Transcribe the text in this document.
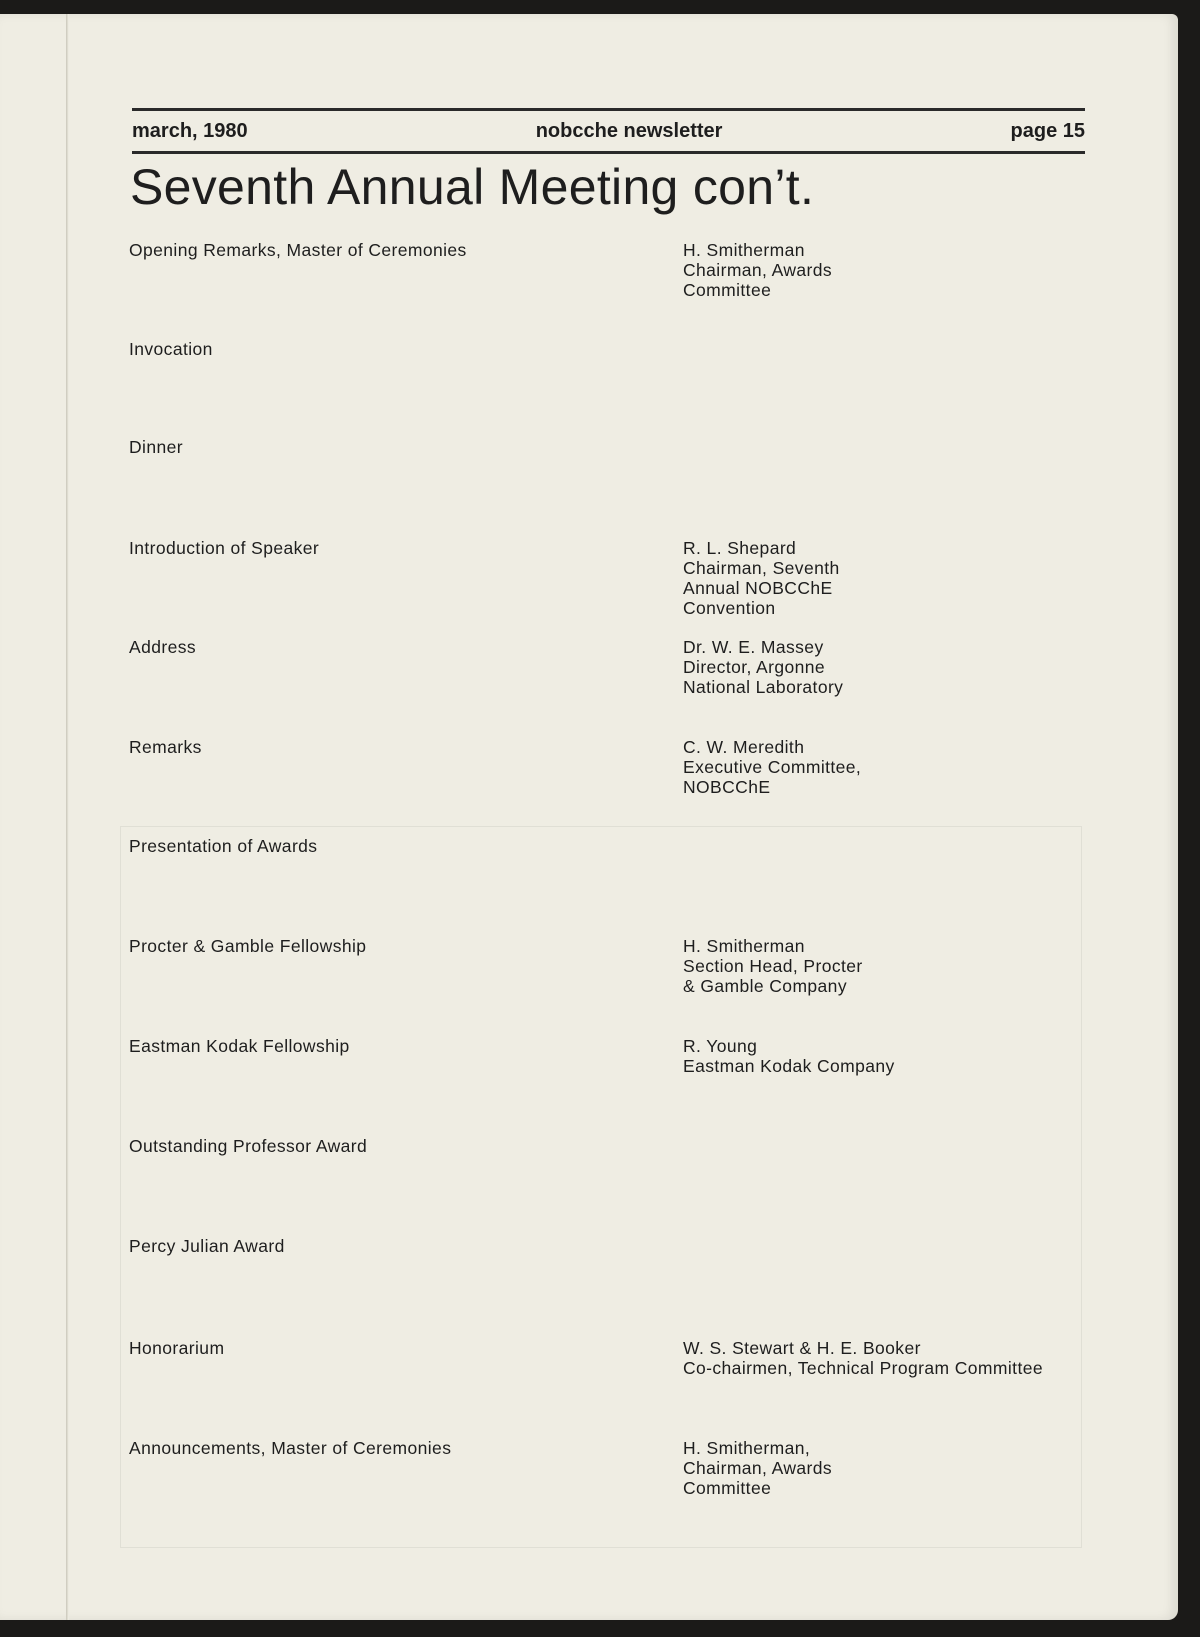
march, 1980	nobcche newsletter	page 15
Seventh Annual Meeting con’t.
Opening Remarks, Master of Ceremonies	H. Smitherman
Chairman, Awards
Committee
Invocation
Dinner
Introduction of Speaker	R. L. Shepard
Chairman, Seventh
Annual NOBCChE
Convention
Address	Dr. W. E. Massey
Director, Argonne
National Laboratory
Remarks	C. W. Meredith
Executive Committee,
NOBCChE
Presentation of Awards
Procter & Gamble Fellowship	H. Smitherman
Section Head, Procter
& Gamble Company
Eastman Kodak Fellowship	R. Young
Eastman Kodak Company
Outstanding Professor Award
Percy Julian Award
Honorarium	W. S. Stewart & H. E. Booker
Co-chairmen, Technical Program Committee
Announcements, Master of Ceremonies	H. Smitherman,
Chairman, Awards
Committee
